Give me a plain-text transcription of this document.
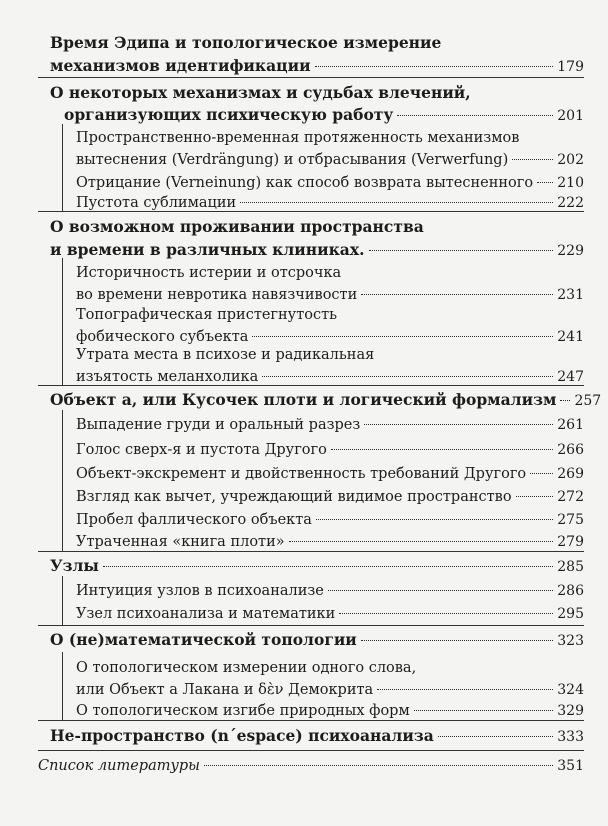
Время Эдипа и топологическое измерение
механизмов идентификации	179
О некоторых механизмах и судьбах влечений,
организующих психическую работу	201
Пространственно-временная протяженность механизмов
вытеснения (Verdrängung) и отбрасывания (Verwerfung)	202
Отрицание (Verneinung) как способ возврата вытесненного 210
Пустота сублимации	222
О возможном проживании пространства
и времени в различных клиниках.	229
Историчность истерии и отсрочка
во времени невротика навязчивости	231
Топографическая пристегнутость
фобического субъекта	241
Утрата места в психозе и радикальная
изъятость меланхолика	247
Объект а, или Кусочек плоти и логический формализм 257
Выпадение груди и оральный разрез	261
Голос сверх-я и пустота Другого	266
Объект-экскремент и двойственность требований Другого 269
Взгляд как вычет, учреждающий видимое пространство	272
Пробел фаллического объекта	275
Утраченная «книга плоти»	279
Узлы	285
Интуиция узлов в психоанализе	286
Узел психоанализа и математики	295
О (не)математической топологии	323
О топологическом измерении одного слова,
или Объект а Лакана и δὲν Демокрита	324
О топологическом изгибе природных форм	329
Не-пространство (n´espace) психоанализа	333
Список литературы	351
